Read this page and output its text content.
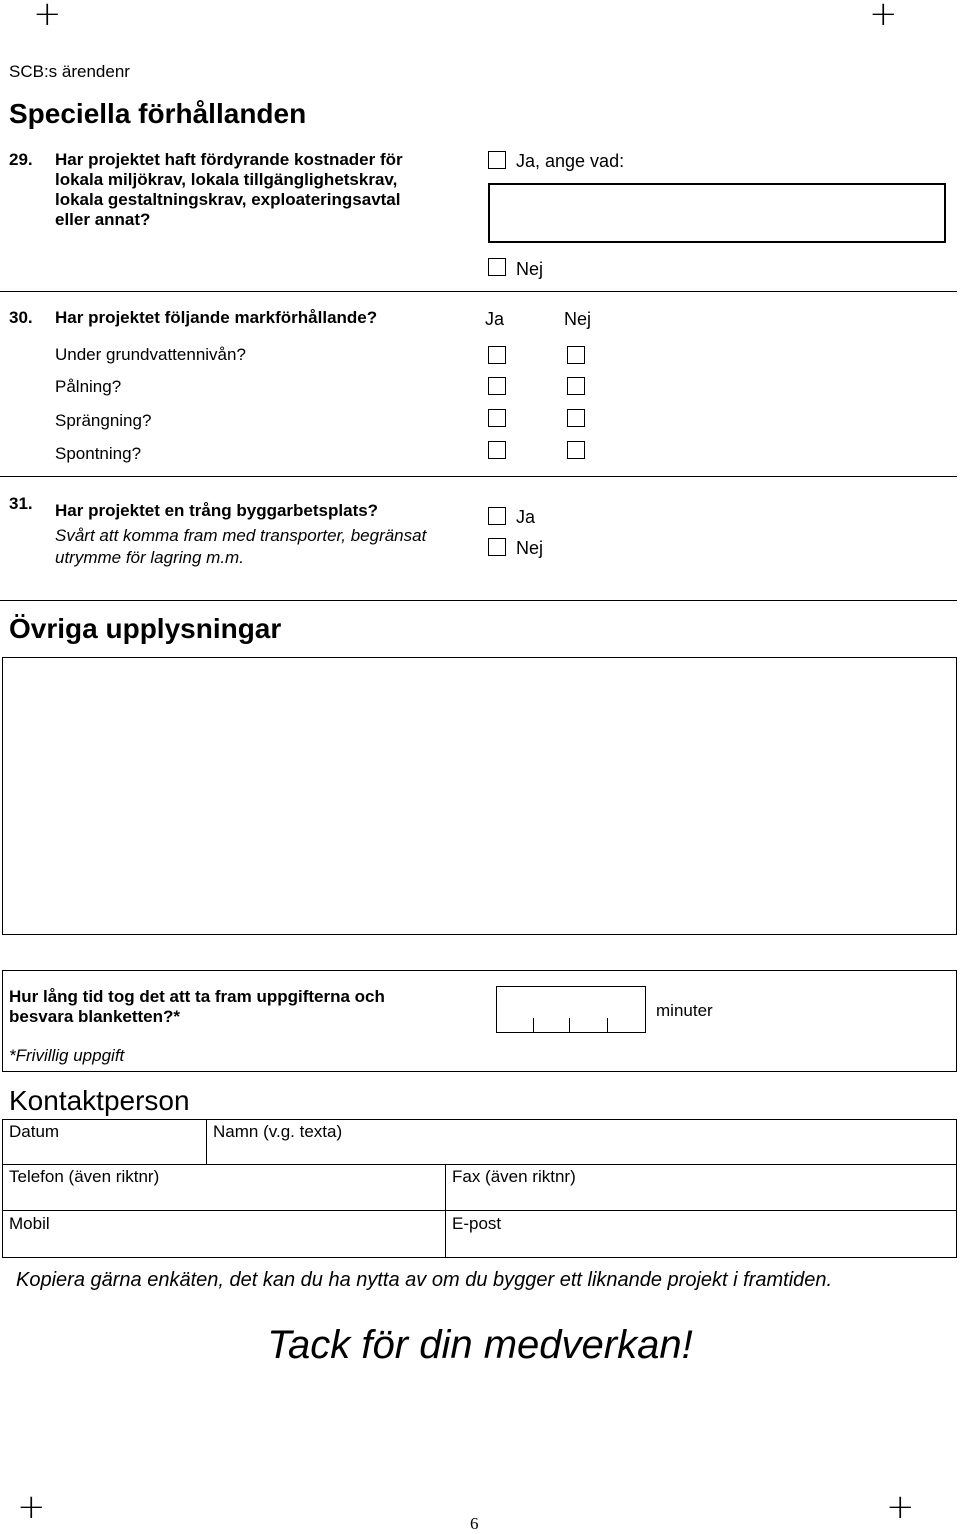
+	+
+	+
SCB:s ärendenr
Speciella förhållanden
29. Har projektet haft fördyrande kostnader för
lokala miljökrav, lokala tillgänglighetskrav,
lokala gestaltningskrav, exploateringsavtal
eller annat?
Ja, ange vad:
Nej
30. Har projektet följande markförhållande?	Ja	Nej
Under grundvattennivån?
Pålning?
Sprängning?
Spontning?
31. Har projektet en trång byggarbetsplats?
Svårt att komma fram med transporter, begränsat
utrymme för lagring m.m.
Ja
Nej
Övriga upplysningar
Hur lång tid tog det att ta fram uppgifterna och
besvara blanketten?*	minuter
*Frivillig uppgift
Kontaktperson
Datum	Namn (v.g. texta)
Telefon (även riktnr)	Fax (även riktnr)
Mobil	E-post
Kopiera gärna enkäten, det kan du ha nytta av om du bygger ett liknande projekt i framtiden.
Tack för din medverkan!
6
